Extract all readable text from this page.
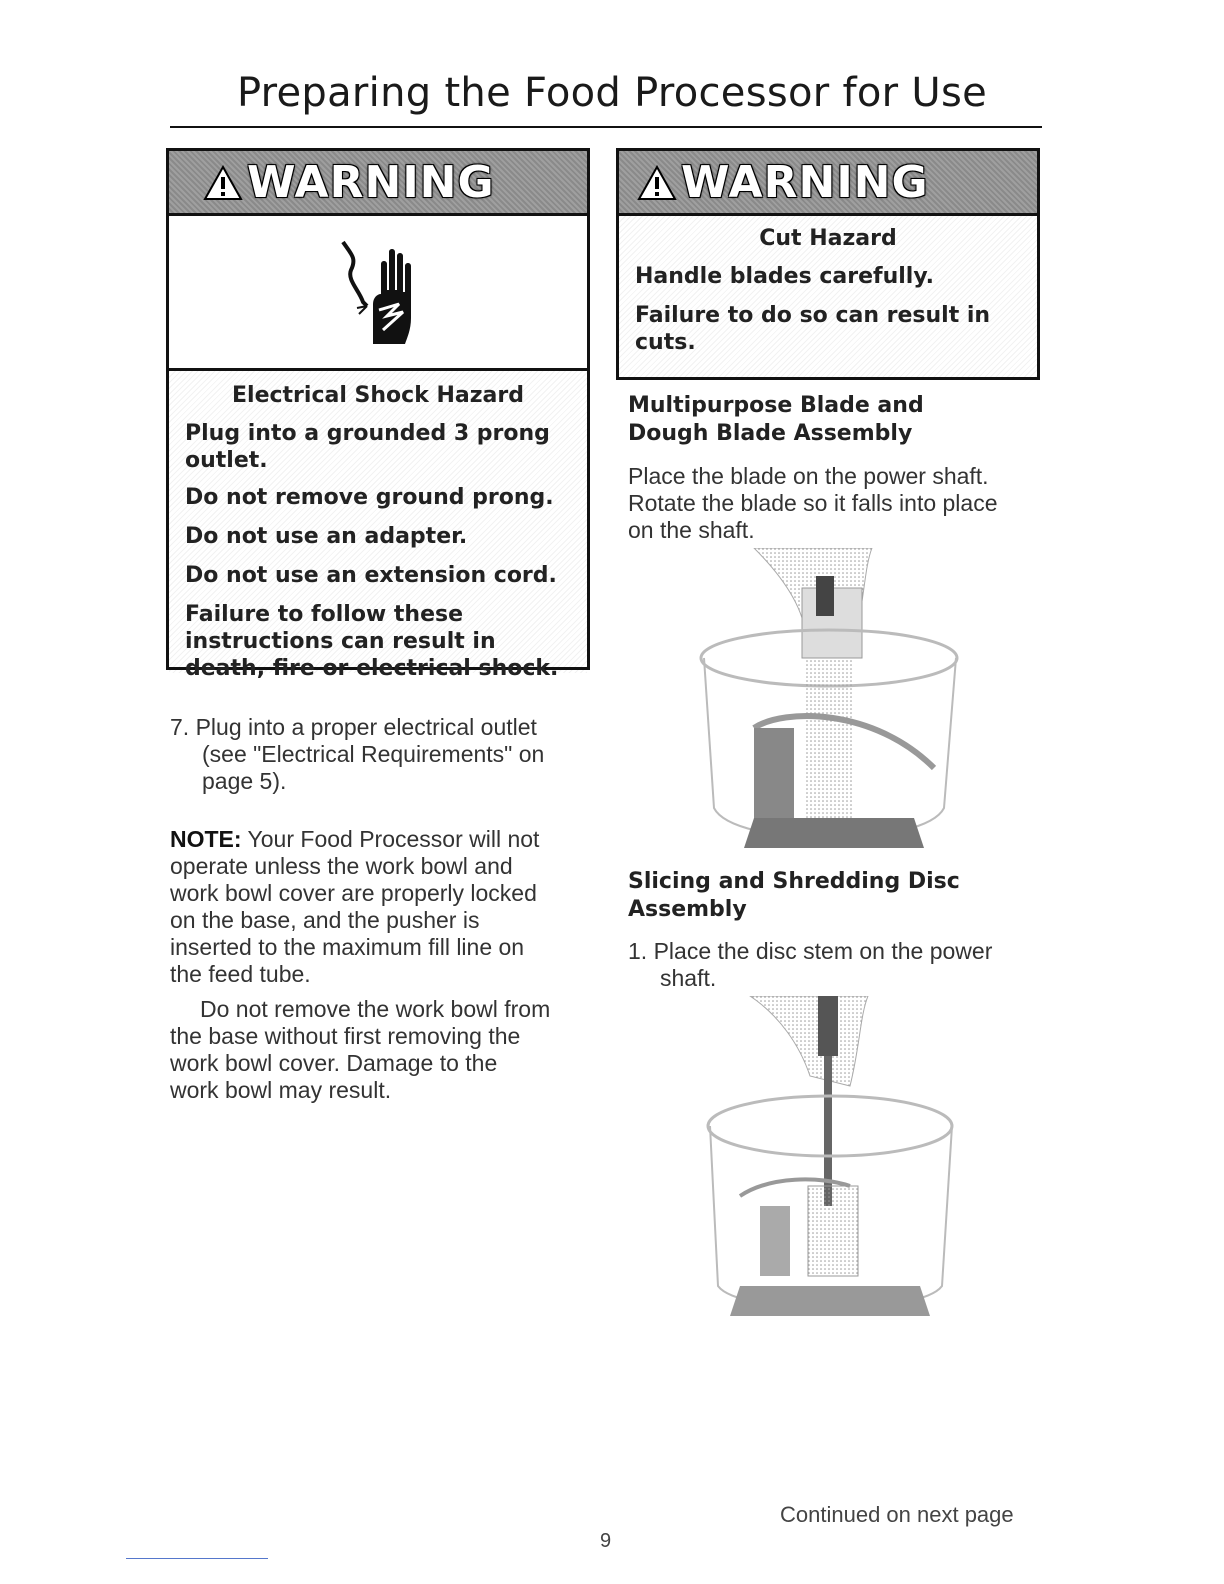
Preparing the Food Processor for Use
WARNING
Electrical Shock Hazard
Plug into a grounded 3 prong
outlet.
Do not remove ground prong.
Do not use an adapter.
Do not use an extension cord.
Failure to follow these
instructions can result in
death, fire or electrical shock.
WARNING
Cut Hazard
Handle blades carefully.
Failure to do so can result in
cuts.
7. Plug into a proper electrical outlet
(see "Electrical Requirements" on
page 5).
NOTE: Your Food Processor will not
operate unless the work bowl and
work bowl cover are properly locked
on the base, and the pusher is
inserted to the maximum fill line on
the feed tube.
Do not remove the work bowl from
the base without first removing the
work bowl cover. Damage to the
work bowl may result.
Multipurpose Blade and
Dough Blade Assembly
Place the blade on the power shaft.
Rotate the blade so it falls into place
on the shaft.
Slicing and Shredding Disc
Assembly
1. Place the disc stem on the power
shaft.
Continued on next page
9
